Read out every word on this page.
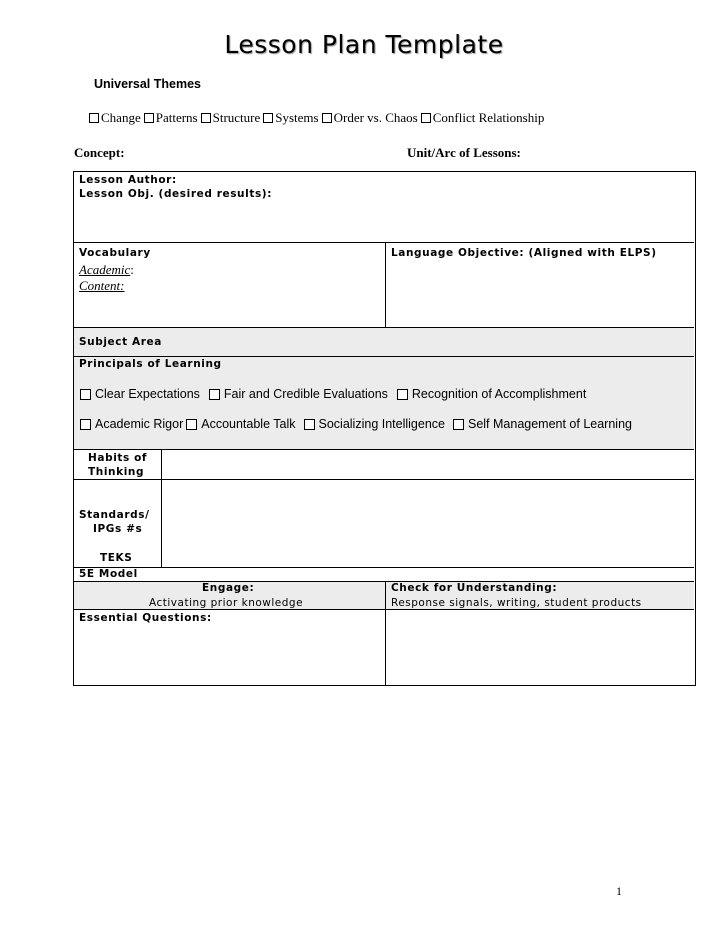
Lesson Plan Template
Universal Themes
Change Patterns Structure Systems Order vs. Chaos Conflict Relationship
Concept:	Unit/Arc of Lessons:
Lesson Author:
Lesson Obj. (desired results):
Vocabulary	Language Objective: (Aligned with ELPS)
Academic:
Content:
Subject Area
Principals of Learning
Clear Expectations Fair and Credible Evaluations Recognition of Accomplishment
Academic Rigor Accountable Talk Socializing Intelligence Self Management of Learning
Habits of
Thinking
Standards/
IPGs #s
TEKS
5E Model
Engage:
Activating prior knowledge
Check for Understanding:
Response signals, writing, student products
Essential Questions:
1
